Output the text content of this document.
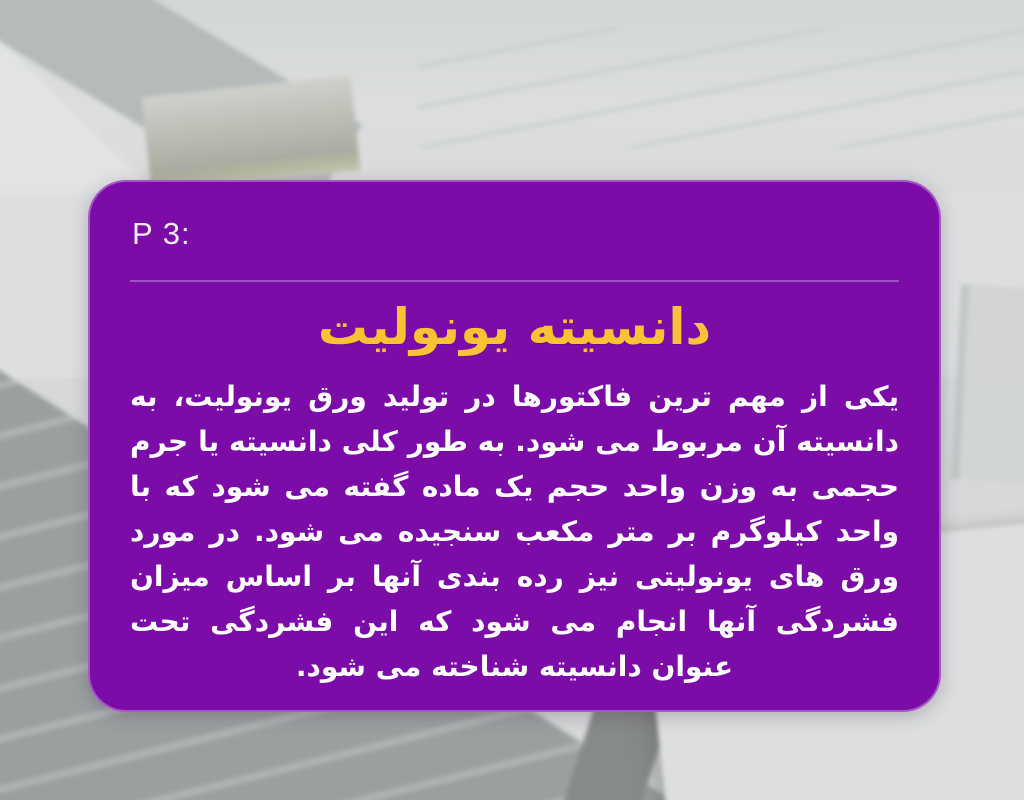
P 3:
دانسیته یونولیت

یکی از مهم ترین فاکتورها در تولید ورق یونولیت، به دانسیته آن مربوط می شود. به طور کلی دانسیته یا جرم حجمی به وزن واحد حجم یک ماده گفته می شود که با واحد کیلوگرم بر متر مکعب سنجیده می شود. در مورد ورق های یونولیتی نیز رده بندی آنها بر اساس میزان فشردگی آنها انجام می شود که این فشردگی تحت عنوان دانسیته شناخته می شود.
